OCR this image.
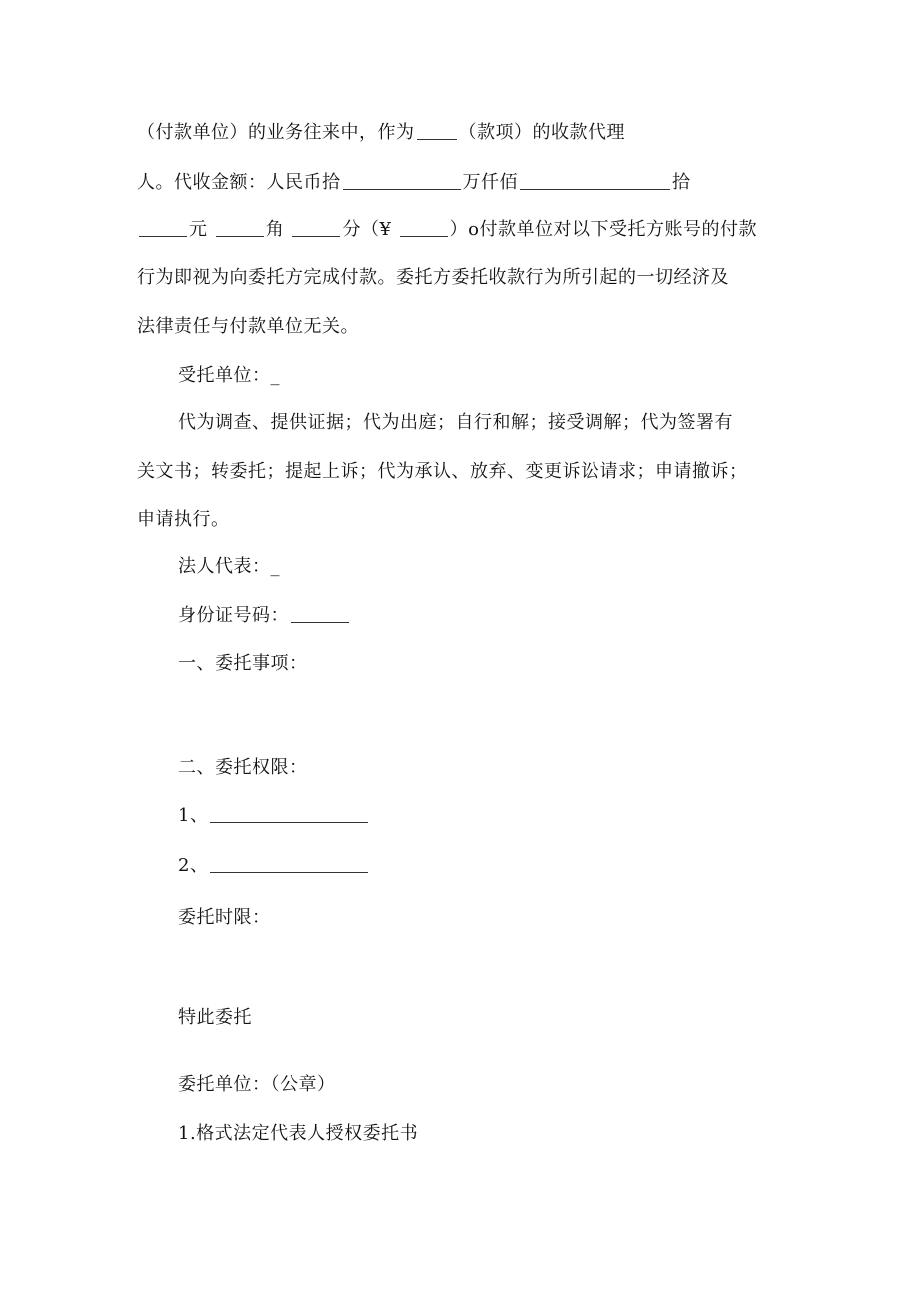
（付款单位）的业务往来中，作为 （款项）的收款代理
人。代收金额：人民币拾	万仟佰	拾
元	角	分（¥	）o付款单位对以下受托方账号的付款
行为即视为向委托方完成付款。委托方委托收款行为所引起的一切经济及
法律责任与付款单位无关。
受托单位：_
代为调查、提供证据；代为出庭；自行和解；接受调解；代为签署有
关文书；转委托；提起上诉；代为承认、放弃、变更诉讼请求；申请撤诉；
申请执行。
法人代表：_
身份证号码：
一、委托事项：
二、委托权限：
1、
2、
委托时限：
特此委托
委托单位：（公章）
1.格式法定代表人授权委托书
